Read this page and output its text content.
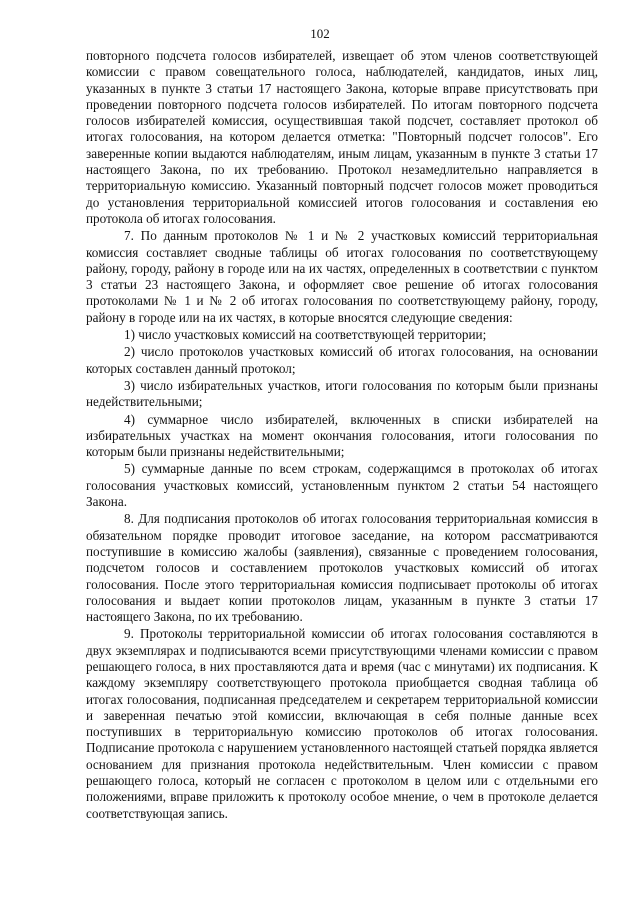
102

повторного подсчета голосов избирателей, извещает об этом членов соответствующей комиссии с правом совещательного голоса, наблюдателей, кандидатов, иных лиц, указанных в пункте 3 статьи 17 настоящего Закона, которые вправе присутствовать при проведении повторного подсчета голосов избирателей. По итогам повторного подсчета голосов избирателей комиссия, осуществившая такой подсчет, составляет протокол об итогах голосования, на котором делается отметка: "Повторный подсчет голосов". Его заверенные копии выдаются наблюдателям, иным лицам, указанным в пункте 3 статьи 17 настоящего Закона, по их требованию. Протокол незамедлительно направляется в территориальную комиссию. Указанный повторный подсчет голосов может проводиться до установления территориальной комиссией итогов голосования и составления ею протокола об итогах голосования.

7. По данным протоколов № 1 и № 2 участковых комиссий территориальная комиссия составляет сводные таблицы об итогах голосования по соответствующему району, городу, району в городе или на их частях, определенных в соответствии с пунктом 3 статьи 23 настоящего Закона, и оформляет свое решение об итогах голосования протоколами № 1 и № 2 об итогах голосования по соответствующему району, городу, району в городе или на их частях, в которые вносятся следующие сведения:

1) число участковых комиссий на соответствующей территории;

2) число протоколов участковых комиссий об итогах голосования, на основании которых составлен данный протокол;

3) число избирательных участков, итоги голосования по которым были признаны недействительными;

4) суммарное число избирателей, включенных в списки избирателей на избирательных участках на момент окончания голосования, итоги голосования по которым были признаны недействительными;

5) суммарные данные по всем строкам, содержащимся в протоколах об итогах голосования участковых комиссий, установленным пунктом 2 статьи 54 настоящего Закона.

8. Для подписания протоколов об итогах голосования территориальная комиссия в обязательном порядке проводит итоговое заседание, на котором рассматриваются поступившие в комиссию жалобы (заявления), связанные с проведением голосования, подсчетом голосов и составлением протоколов участковых комиссий об итогах голосования. После этого территориальная комиссия подписывает протоколы об итогах голосования и выдает копии протоколов лицам, указанным в пункте 3 статьи 17 настоящего Закона, по их требованию.

9. Протоколы территориальной комиссии об итогах голосования составляются в двух экземплярах и подписываются всеми присутствующими членами комиссии с правом решающего голоса, в них проставляются дата и время (час с минутами) их подписания. К каждому экземпляру соответствующего протокола приобщается сводная таблица об итогах голосования, подписанная председателем и секретарем территориальной комиссии и заверенная печатью этой комиссии, включающая в себя полные данные всех поступивших в территориальную комиссию протоколов об итогах голосования. Подписание протокола с нарушением установленного настоящей статьей порядка является основанием для признания протокола недействительным. Член комиссии с правом решающего голоса, который не согласен с протоколом в целом или с отдельными его положениями, вправе приложить к протоколу особое мнение, о чем в протоколе делается соответствующая запись.
